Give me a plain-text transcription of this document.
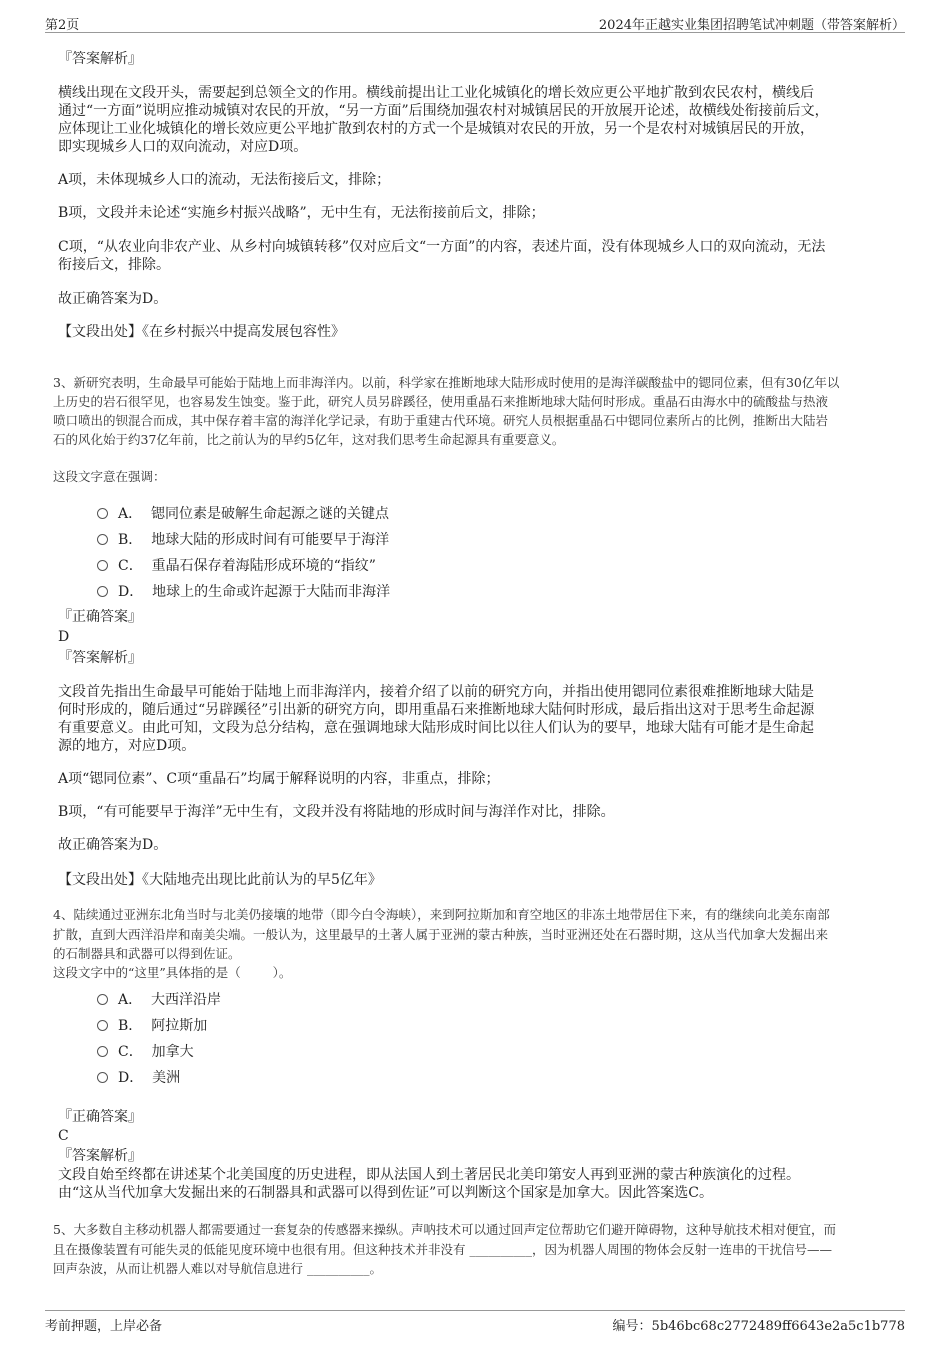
第2页	2024年正越实业集团招聘笔试冲刺题（带答案解析）
『答案解析』
横线出现在文段开头，需要起到总领全文的作用。横线前提出让工业化城镇化的增长效应更公平地扩散到农民农村，横线后
通过“一方面”说明应推动城镇对农民的开放，“另一方面”后围绕加强农村对城镇居民的开放展开论述，故横线处衔接前后文，
应体现让工业化城镇化的增长效应更公平地扩散到农村的方式一个是城镇对农民的开放，另一个是农村对城镇居民的开放，
即实现城乡人口的双向流动，对应D项。
A项，未体现城乡人口的流动，无法衔接后文，排除；
B项，文段并未论述“实施乡村振兴战略”，无中生有，无法衔接前后文，排除；
C项，“从农业向非农产业、从乡村向城镇转移”仅对应后文“一方面”的内容，表述片面，没有体现城乡人口的双向流动，无法
衔接后文，排除。
故正确答案为D。
【文段出处】《在乡村振兴中提高发展包容性》
3、新研究表明，生命最早可能始于陆地上而非海洋内。以前，科学家在推断地球大陆形成时使用的是海洋碳酸盐中的锶同位素，但有30亿年以
上历史的岩石很罕见，也容易发生蚀变。鉴于此，研究人员另辟蹊径，使用重晶石来推断地球大陆何时形成。重晶石由海水中的硫酸盐与热液
喷口喷出的钡混合而成，其中保存着丰富的海洋化学记录，有助于重建古代环境。研究人员根据重晶石中锶同位素所占的比例，推断出大陆岩
石的风化始于约37亿年前，比之前认为的早约5亿年，这对我们思考生命起源具有重要意义。
这段文字意在强调：
A．  锶同位素是破解生命起源之谜的关键点
B．  地球大陆的形成时间有可能要早于海洋
C．  重晶石保存着海陆形成环境的“指纹”
D．  地球上的生命或许起源于大陆而非海洋
『正确答案』
D
『答案解析』
文段首先指出生命最早可能始于陆地上而非海洋内，接着介绍了以前的研究方向，并指出使用锶同位素很难推断地球大陆是
何时形成的，随后通过“另辟蹊径”引出新的研究方向，即用重晶石来推断地球大陆何时形成，最后指出这对于思考生命起源
有重要意义。由此可知，文段为总分结构，意在强调地球大陆形成时间比以往人们认为的要早，地球大陆有可能才是生命起
源的地方，对应D项。
A项“锶同位素”、C项“重晶石”均属于解释说明的内容，非重点，排除；
B项，“有可能要早于海洋”无中生有，文段并没有将陆地的形成时间与海洋作对比，排除。
故正确答案为D。
【文段出处】《大陆地壳出现比此前认为的早5亿年》
4、陆续通过亚洲东北角当时与北美仍接壤的地带（即今白令海峡），来到阿拉斯加和育空地区的非冻土地带居住下来，有的继续向北美东南部
扩散，直到大西洋沿岸和南美尖端。一般认为，这里最早的土著人属于亚洲的蒙古种族，当时亚洲还处在石器时期，这从当代加拿大发掘出来
的石制器具和武器可以得到佐证。
这段文字中的“这里”具体指的是（        ）。
A．  大西洋沿岸
B．  阿拉斯加
C．  加拿大
D．  美洲
『正确答案』
C
『答案解析』
文段自始至终都在讲述某个北美国度的历史进程，即从法国人到土著居民北美印第安人再到亚洲的蒙古种族演化的过程。
由“这从当代加拿大发掘出来的石制器具和武器可以得到佐证”可以判断这个国家是加拿大。因此答案选C。
5、大多数自主移动机器人都需要通过一套复杂的传感器来操纵。声呐技术可以通过回声定位帮助它们避开障碍物，这种导航技术相对便宜，而
且在摄像装置有可能失灵的低能见度环境中也很有用。但这种技术并非没有 __________，因为机器人周围的物体会反射一连串的干扰信号——
回声杂波，从而让机器人难以对导航信息进行 __________。
考前押题，上岸必备	编号：5b46bc68c2772489ff6643e2a5c1b778
